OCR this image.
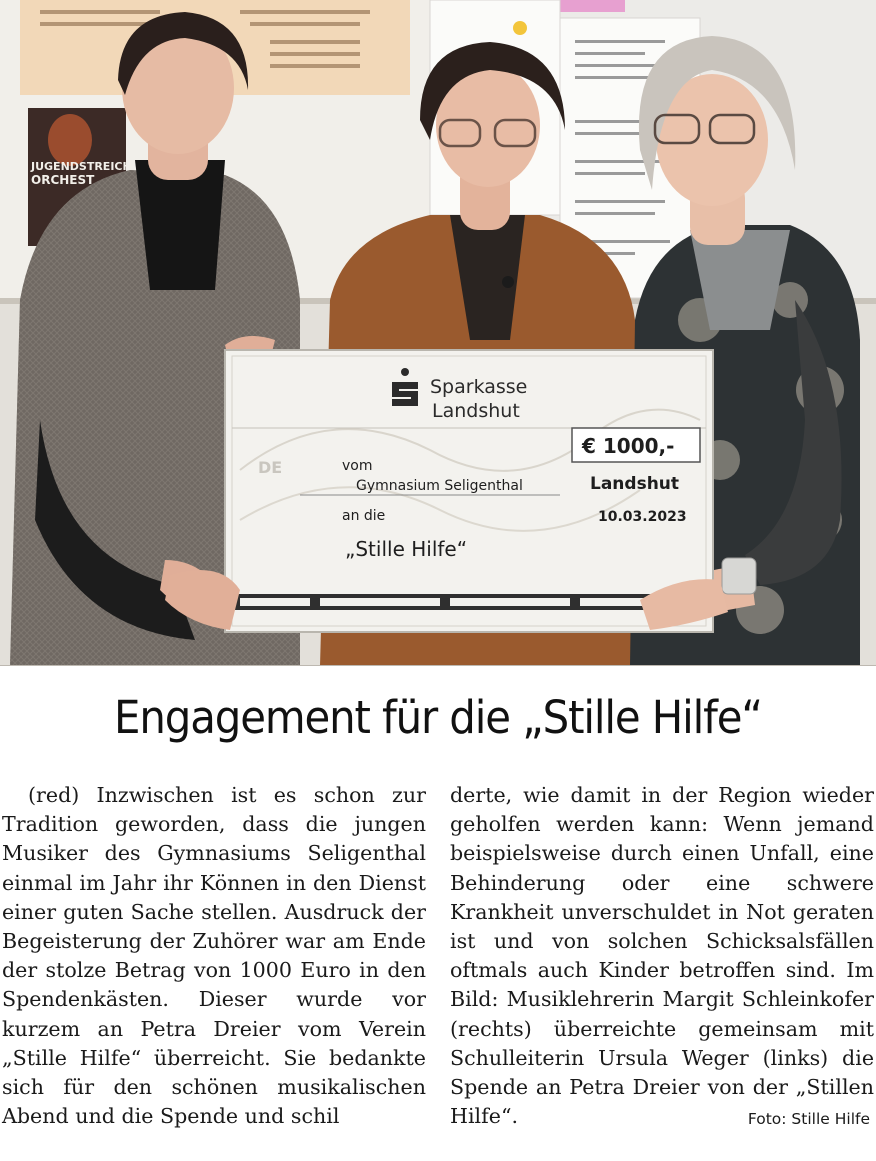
JUGENDSTREICH
ORCHEST
Sparkasse
Landshut
DE
€ 1000,-
vom
Gymnasium Seligenthal	Landshut
an die	10.03.2023
„Stille Hilfe“
Engagement für die „Stille Hilfe“
(red) Inzwischen ist es schon zur Tradition geworden, dass die jungen Musiker des Gymnasiums Seligenthal einmal im Jahr ihr Können in den Dienst einer guten Sache stellen. Ausdruck der Begeisterung der Zuhörer war am Ende der stolze Betrag von 1000 Euro in den Spendenkästen. Dieser wurde vor kurzem an Petra Dreier vom Verein „Stille Hilfe“ überreicht. Sie bedankte sich für den schönen musikalischen Abend und die Spende und schil
derte, wie damit in der Region wieder geholfen werden kann: Wenn jemand beispielsweise durch einen Unfall, eine Behinderung oder eine schwere Krankheit unverschuldet in Not geraten ist und von solchen Schicksalsfällen oftmals auch Kinder betroffen sind. Im Bild: Musiklehrerin Margit Schleinkofer (rechts) überreichte gemeinsam mit Schulleiterin Ursula Weger (links) die Spende an Petra Dreier von der „Stillen Hilfe“.	Foto: Stille Hilfe
